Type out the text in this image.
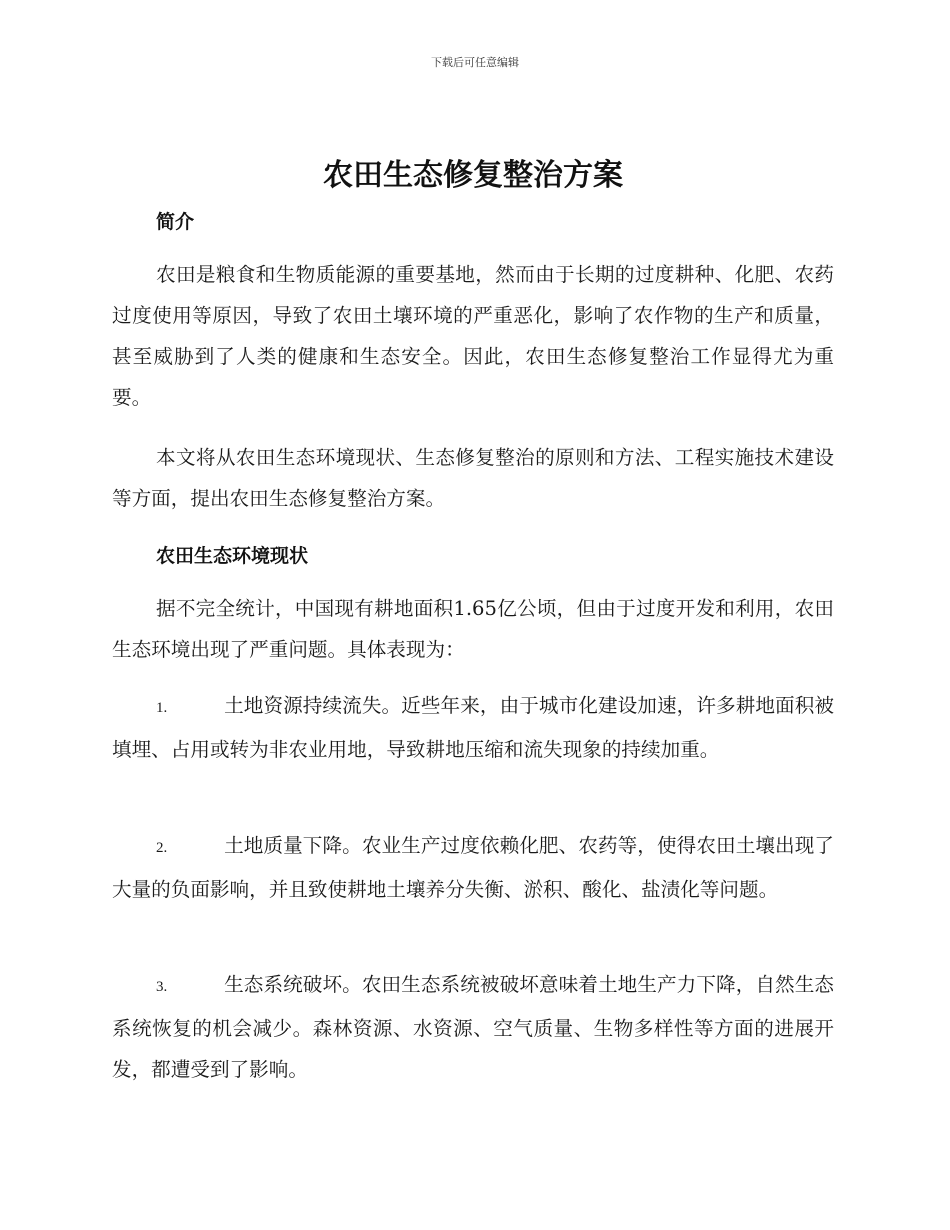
下载后可任意编辑
农田生态修复整治方案
简介

农田是粮食和生物质能源的重要基地，然而由于长期的过度耕种、化肥、农药过度使用等原因，导致了农田土壤环境的严重恶化，影响了农作物的生产和质量，甚至威胁到了人类的健康和生态安全。因此，农田生态修复整治工作显得尤为重要。

本文将从农田生态环境现状、生态修复整治的原则和方法、工程实施技术建设等方面，提出农田生态修复整治方案。

农田生态环境现状

据不完全统计，中国现有耕地面积1.65亿公顷，但由于过度开发和利用，农田生态环境出现了严重问题。具体表现为：

1.	土地资源持续流失。近些年来，由于城市化建设加速，许多耕地面积被填埋、占用或转为非农业用地，导致耕地压缩和流失现象的持续加重。

2.	土地质量下降。农业生产过度依赖化肥、农药等，使得农田土壤出现了大量的负面影响，并且致使耕地土壤养分失衡、淤积、酸化、盐渍化等问题。

3.	生态系统破坏。农田生态系统被破坏意味着土地生产力下降，自然生态系统恢复的机会减少。森林资源、水资源、空气质量、生物多样性等方面的进展开发，都遭受到了影响。
